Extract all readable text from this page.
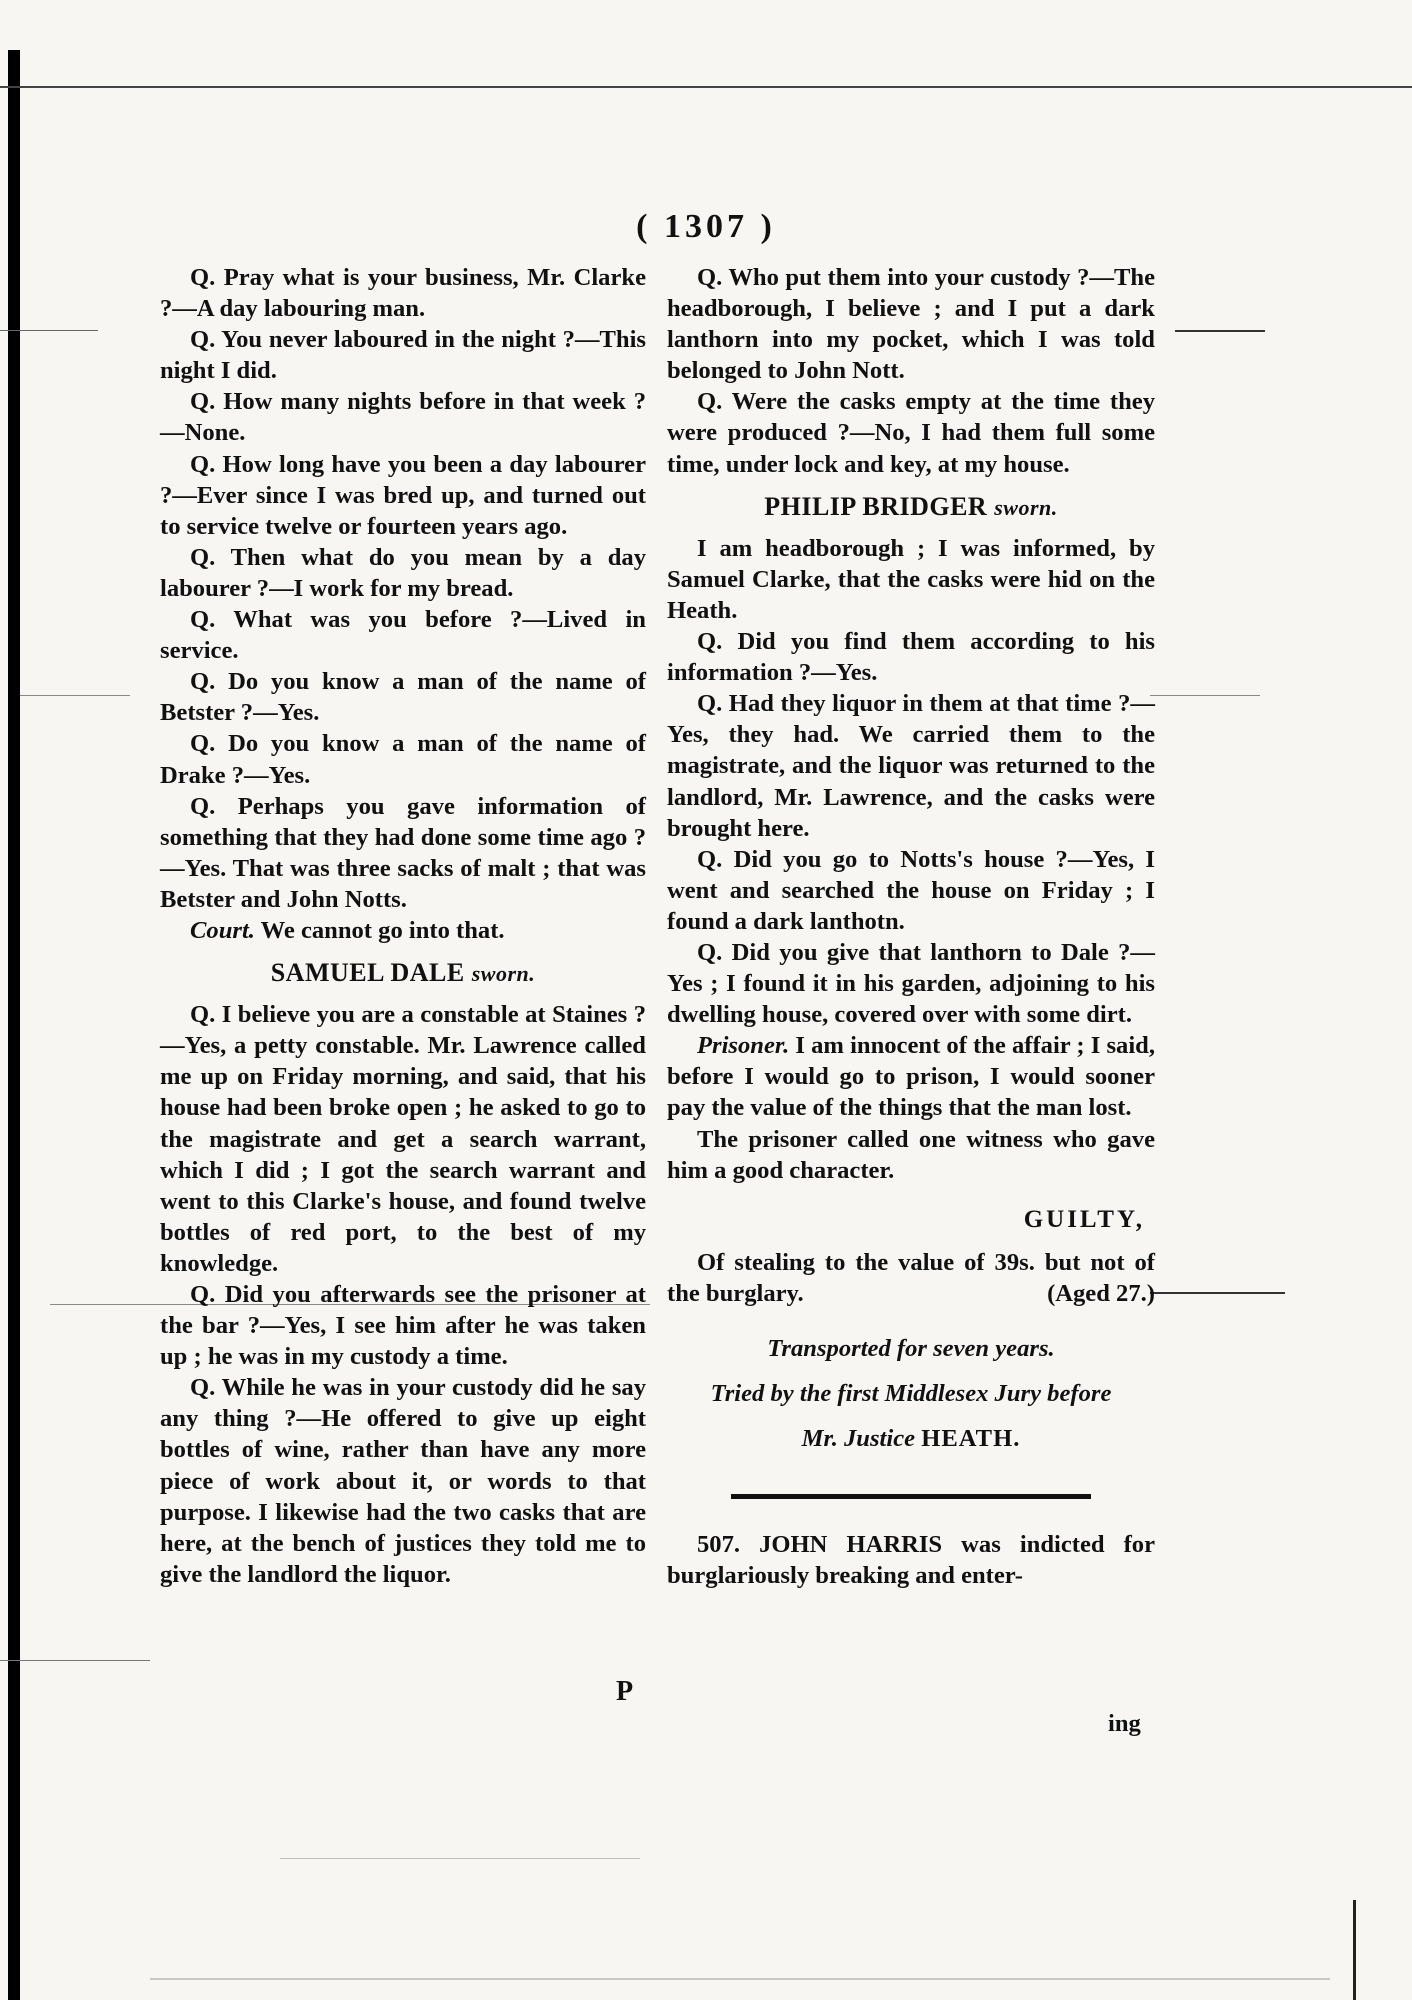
( 1307 )

Q. Pray what is your business, Mr. Clarke ?—A day labouring man.

Q. You never laboured in the night ?—This night I did.

Q. How many nights before in that week ?—None.

Q. How long have you been a day labourer ?—Ever since I was bred up, and turned out to service twelve or fourteen years ago.

Q. Then what do you mean by a day labourer ?—I work for my bread.

Q. What was you before ?—Lived in service.

Q. Do you know a man of the name of Betster ?—Yes.

Q. Do you know a man of the name of Drake ?—Yes.

Q. Perhaps you gave information of something that they had done some time ago ?—Yes. That was three sacks of malt ; that was Betster and John Notts.

Court. We cannot go into that.

SAMUEL DALE sworn.

Q. I believe you are a constable at Staines ?—Yes, a petty constable. Mr. Lawrence called me up on Friday morning, and said, that his house had been broke open ; he asked to go to the magistrate and get a search warrant, which I did ; I got the search warrant and went to this Clarke's house, and found twelve bottles of red port, to the best of my knowledge.

Q. Did you afterwards see the prisoner at the bar ?—Yes, I see him after he was taken up ; he was in my custody a time.

Q. While he was in your custody did he say any thing ?—He offered to give up eight bottles of wine, rather than have any more piece of work about it, or words to that purpose. I likewise had the two casks that are here, at the bench of justices they told me to give the landlord the liquor.

Q. Who put them into your custody ?—The headborough, I believe ; and I put a dark lanthorn into my pocket, which I was told belonged to John Nott.

Q. Were the casks empty at the time they were produced ?—No, I had them full some time, under lock and key, at my house.

PHILIP BRIDGER sworn.

I am headborough ; I was informed, by Samuel Clarke, that the casks were hid on the Heath.

Q. Did you find them according to his information ?—Yes.

Q. Had they liquor in them at that time ?—Yes, they had. We carried them to the magistrate, and the liquor was returned to the landlord, Mr. Lawrence, and the casks were brought here.

Q. Did you go to Notts's house ?—Yes, I went and searched the house on Friday ; I found a dark lanthotn.

Q. Did you give that lanthorn to Dale ?—Yes ; I found it in his garden, adjoining to his dwelling house, covered over with some dirt.

Prisoner. I am innocent of the affair ; I said, before I would go to prison, I would sooner pay the value of the things that the man lost.

The prisoner called one witness who gave him a good character.

GUILTY,

Of stealing to the value of 39s. but not of the burglary.	(Aged 27.)

Transported for seven years.
Tried by the first Middlesex Jury before
Mr. Justice HEATH.

507. JOHN HARRIS was indicted for burglariously breaking and enter-

P
ing
